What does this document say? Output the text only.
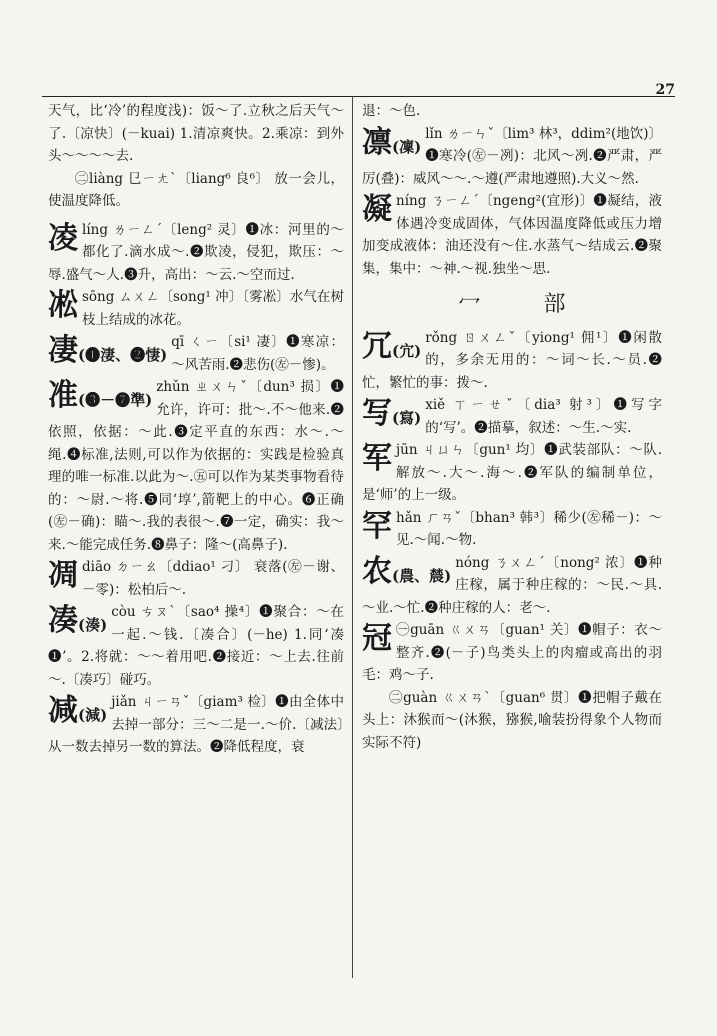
27

天气，比‘冷’的程度浅)：饭～了.立秋之后天气～了.〔凉快〕(－kuai) 1.清凉爽快。2.乘凉：到外头～～～～去.

㊁liàng 㔾ㄧㄤˋ〔liang⁶ 良⁶〕 放一会儿，使温度降低。

凌 líng ㄌㄧㄥˊ〔leng² 灵〕❶冰：河里的～都化了.滴水成～.❷欺凌，侵犯，欺压：～辱.盛气～人.❸升，高出：～云.～空而过.
凇 sōng ㄙㄨㄥ〔song¹ 冲〕〔雾凇〕水气在树枝上结成的冰花。
凄(❶淒、❷悽)
qī ㄑㄧ〔si¹ 凄〕❶寒凉：～风苦雨.❷悲伤(㊧－惨)。
准(❸－❼準)
zhǔn ㄓㄨㄣˇ〔dun³ 损〕❶允许，许可：批～.不～他来.❷依照，依据：～此.❸定平直的东西：水～.～绳.❹标准,法则,可以作为依据的：实践是检验真理的唯一标准.以此为～.㊄可以作为某类事物看待的：～尉.～将.❺同‘埻’,箭靶上的中心。❻正确(㊧－确)：瞄～.我的表很～.❼一定，确实：我～来.～能完成任务.❽鼻子：隆～(高鼻子).
凋 diāo ㄉㄧㄠ〔ddiao¹ 刁〕 衰落(㊧－谢、－零)：松柏后～.
凑(湊)
còu ㄘㄡˋ〔sao⁴ 操⁴〕❶聚合：～在一起.～钱.〔凑合〕(－he) 1.同‘凑❶’。2.将就：～～着用吧.❷接近：～上去.往前～.〔凑巧〕碰巧。
减(減)
jiǎn ㄐㄧㄢˇ〔giam³ 检〕❶由全体中去掉一部分：三～二是一.～价.〔减法〕从一数去掉另一数的算法。❷降低程度，衰

退：～色.

凛(凜)
lǐn ㄌㄧㄣˇ〔lim³ 林³，ddim²(地饮)〕❶寒冷(㊧－冽)：北风～冽.❷严肃，严厉(叠)：威风～～.～遵(严肃地遵照).大义～然.
凝 níng ㄋㄧㄥˊ〔ngeng²(宜形)〕❶凝结，液体遇冷变成固体，气体因温度降低或压力增加变成液体：油还没有～住.水蒸气～结成云.❷聚集，集中：～神.～视.独坐～思.
冖 部
冗(宂)
rǒng ㄖㄨㄥˇ〔yiong¹ 佣¹〕❶闲散的，多余无用的：～词～长.～员.❷忙，繁忙的事：拨～.
写(寫)
xiě ㄒㄧㄝˇ〔dia³ 射³〕❶写字的‘写’。❷描摹，叙述：～生.～实.
军 jūn ㄐㄩㄣ〔gun¹ 均〕❶武装部队：～队.解放～.大～.海～.❷军队的编制单位，是‘师’的上一级。
罕 hǎn ㄏㄢˇ〔bhan³ 韩³〕稀少(㊧稀－)：～见.～闻.～物.
农(農、辳)
nóng ㄋㄨㄥˊ〔nong² 浓〕❶种庄稼，属于种庄稼的：～民.～具.～业.～忙.❷种庄稼的人：老～.
冠 ㊀guān ㄍㄨㄢ〔guan¹ 关〕❶帽子：衣～整齐.❷(－子)鸟类头上的肉瘤或高出的羽毛：鸡～子.

㊁guàn ㄍㄨㄢˋ〔guan⁶ 贯〕❶把帽子戴在头上：沐猴而～(沐猴，猕猴,喻装扮得象个人物而实际不符)
